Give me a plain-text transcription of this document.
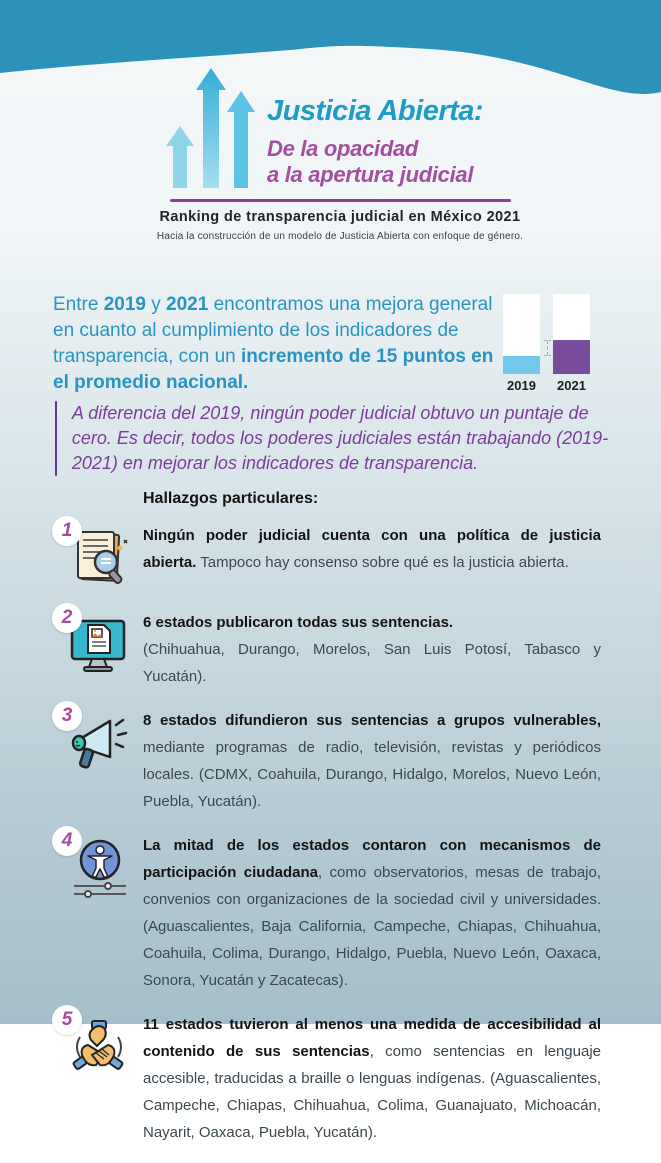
Justicia Abierta:
De la opacidad
a la apertura judicial
Ranking de transparencia judicial en México 2021
Hacia la construcción de un modelo de Justicia Abierta con enfoque de género.

Entre 2019 y 2021 encontramos una mejora general en cuanto al cumplimiento de los indicadores de transparencia, con un incremento de 15 puntos en el promedio nacional.	2019	2021
A diferencia del 2019, ningún poder judicial obtuvo un puntaje de cero. Es decir, todos los poderes judiciales están trabajando (2019-2021) en mejorar los indicadores de transparencia.
Hallazgos particulares:
1	Ningún poder judicial cuenta con una política de justicia abierta. Tampoco hay consenso sobre qué es la justicia abierta.

2	6 estados publicaron todas sus sentencias.
(Chihuahua, Durango, Morelos, San Luis Potosí, Tabasco y Yucatán).

3	8 estados difundieron sus sentencias a grupos vulnerables, mediante programas de radio, televisión, revistas y periódicos locales. (CDMX, Coahuila, Durango, Hidalgo, Morelos, Nuevo León, Puebla, Yucatán).

4	La mitad de los estados contaron con mecanismos de participación ciudadana, como observatorios, mesas de trabajo, convenios con organizaciones de la sociedad civil y universidades. (Aguascalientes, Baja California, Campeche, Chiapas, Chihuahua, Coahuila, Colima, Durango, Hidalgo, Puebla, Nuevo León, Oaxaca, Sonora, Yucatán y Zacatecas).

5	11 estados tuvieron al menos una medida de accesibilidad al contenido de sus sentencias, como sentencias en lenguaje accesible, traducidas a braille o lenguas indígenas. (Aguascalientes, Campeche, Chiapas, Chihuahua, Colima, Guanajuato, Michoacán, Nayarit, Oaxaca, Puebla, Yucatán).
